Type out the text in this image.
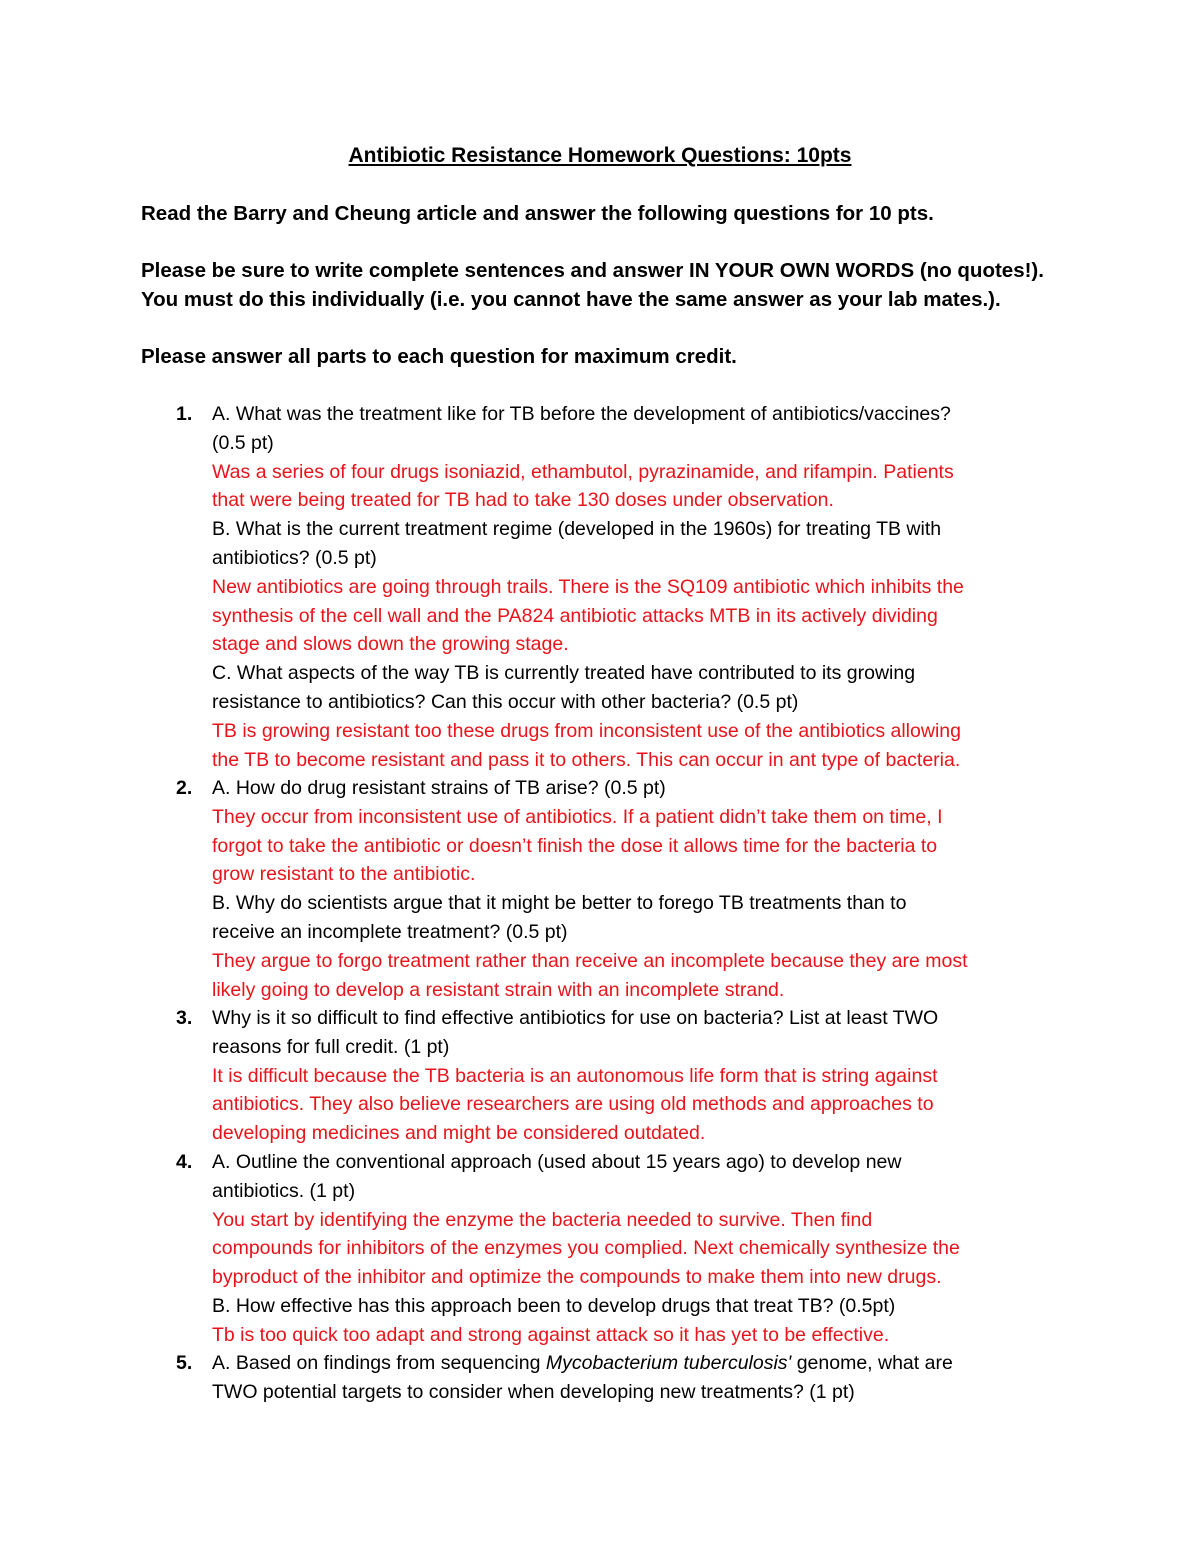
Antibiotic Resistance Homework Questions: 10pts
Read the Barry and Cheung article and answer the following questions for 10 pts.
Please be sure to write complete sentences and answer IN YOUR OWN WORDS (no quotes!).
You must do this individually (i.e. you cannot have the same answer as your lab mates.).
Please answer all parts to each question for maximum credit.
1. A. What was the treatment like for TB before the development of antibiotics/vaccines?
(0.5 pt)
Was a series of four drugs isoniazid, ethambutol, pyrazinamide, and rifampin. Patients
that were being treated for TB had to take 130 doses under observation.
B. What is the current treatment regime (developed in the 1960s) for treating TB with
antibiotics? (0.5 pt)
New antibiotics are going through trails. There is the SQ109 antibiotic which inhibits the
synthesis of the cell wall and the PA824 antibiotic attacks MTB in its actively dividing
stage and slows down the growing stage.
C. What aspects of the way TB is currently treated have contributed to its growing
resistance to antibiotics? Can this occur with other bacteria? (0.5 pt)
TB is growing resistant too these drugs from inconsistent use of the antibiotics allowing
the TB to become resistant and pass it to others. This can occur in ant type of bacteria.
2. A. How do drug resistant strains of TB arise? (0.5 pt)
They occur from inconsistent use of antibiotics. If a patient didn’t take them on time, I
forgot to take the antibiotic or doesn’t finish the dose it allows time for the bacteria to
grow resistant to the antibiotic.
B. Why do scientists argue that it might be better to forego TB treatments than to
receive an incomplete treatment? (0.5 pt)
They argue to forgo treatment rather than receive an incomplete because they are most
likely going to develop a resistant strain with an incomplete strand.
3. Why is it so difficult to find effective antibiotics for use on bacteria? List at least TWO
reasons for full credit. (1 pt)
It is difficult because the TB bacteria is an autonomous life form that is string against
antibiotics. They also believe researchers are using old methods and approaches to
developing medicines and might be considered outdated.
4. A. Outline the conventional approach (used about 15 years ago) to develop new
antibiotics. (1 pt)
You start by identifying the enzyme the bacteria needed to survive. Then find
compounds for inhibitors of the enzymes you complied. Next chemically synthesize the
byproduct of the inhibitor and optimize the compounds to make them into new drugs.
B. How effective has this approach been to develop drugs that treat TB? (0.5pt)
Tb is too quick too adapt and strong against attack so it has yet to be effective.
5. A. Based on findings from sequencing Mycobacterium tuberculosis' genome, what are
TWO potential targets to consider when developing new treatments? (1 pt)
